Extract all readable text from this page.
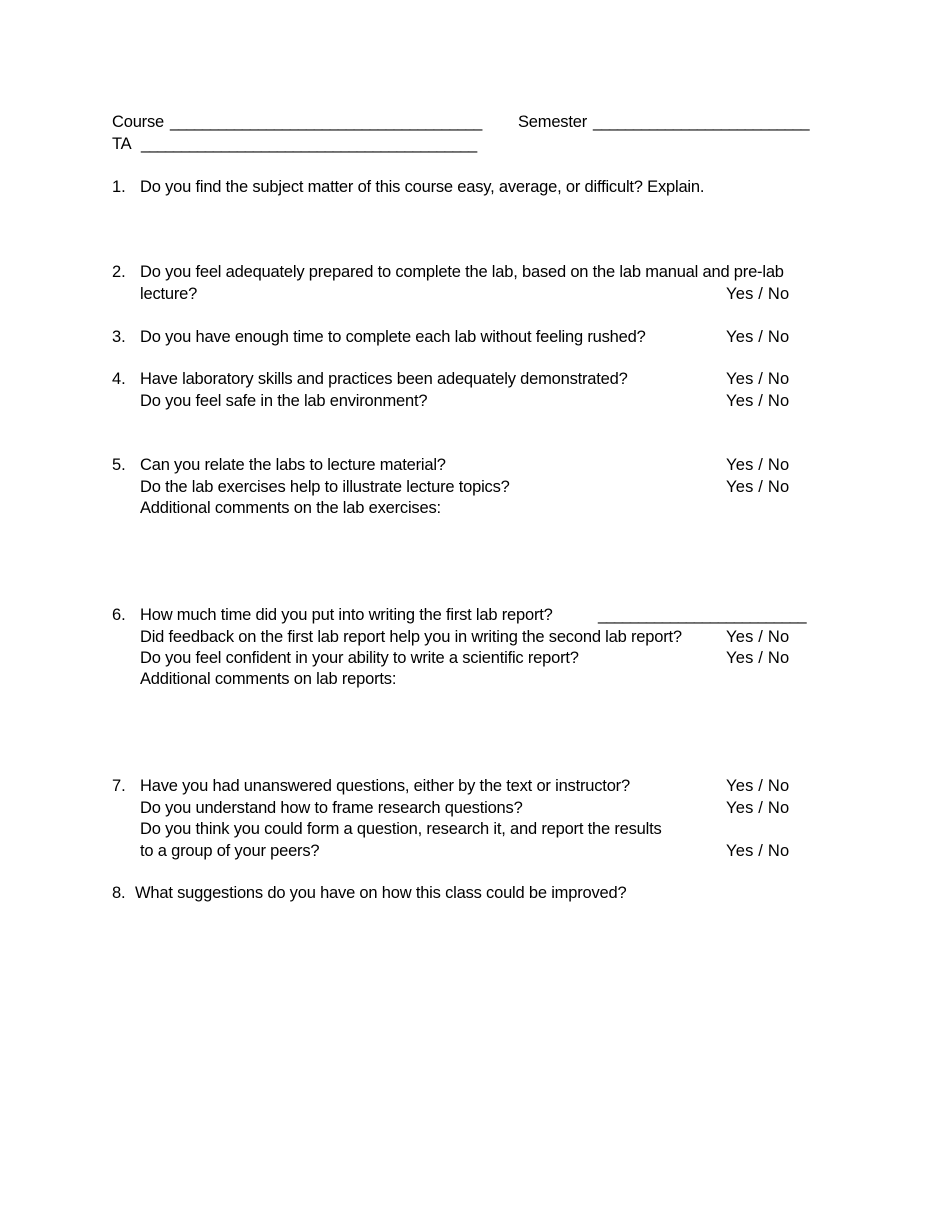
Course _______________________________________ Semester ___________________________
TA __________________________________________
1. Do you find the subject matter of this course easy, average, or difficult? Explain.
2. Do you feel adequately prepared to complete the lab, based on the lab manual and pre-lab
lecture?	Yes / No
3. Do you have enough time to complete each lab without feeling rushed?	Yes / No
4. Have laboratory skills and practices been adequately demonstrated?	Yes / No
Do you feel safe in the lab environment?	Yes / No
5. Can you relate the labs to lecture material?	Yes / No
Do the lab exercises help to illustrate lecture topics?	Yes / No
Additional comments on the lab exercises:
6. How much time did you put into writing the first lab report?	__________________________
Did feedback on the first lab report help you in writing the second lab report?	Yes / No
Do you feel confident in your ability to write a scientific report?	Yes / No
Additional comments on lab reports:
7. Have you had unanswered questions, either by the text or instructor?	Yes / No
Do you understand how to frame research questions?	Yes / No
Do you think you could form a question, research it, and report the results
to a group of your peers?	Yes / No
8. What suggestions do you have on how this class could be improved?
